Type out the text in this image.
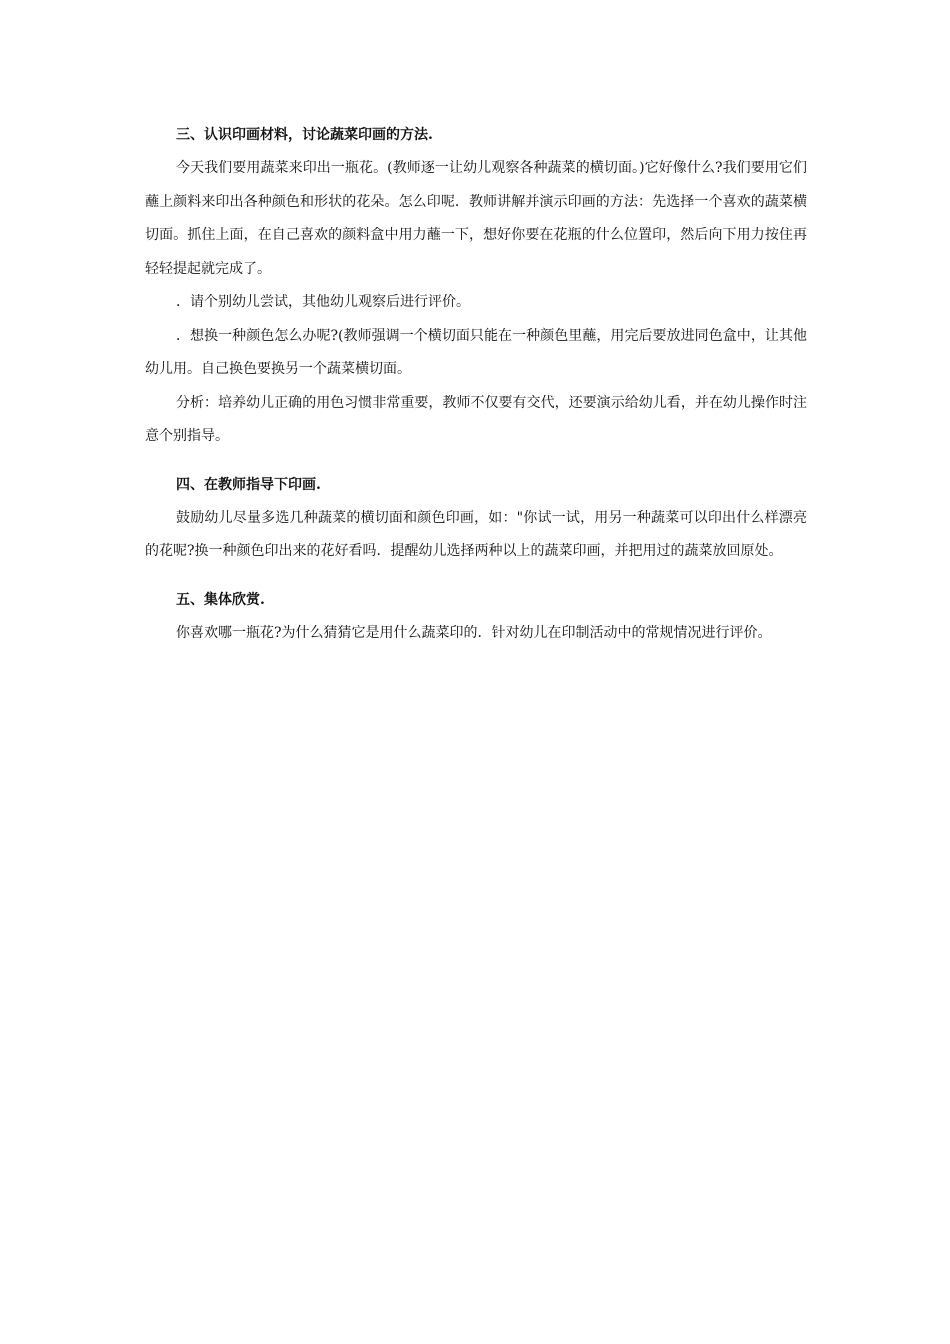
三、认识印画材料，讨论蔬菜印画的方法.

今天我们要用蔬菜来印出一瓶花。(教师逐一让幼儿观察各种蔬菜的横切面。)它好像什么?我们要用它们蘸上颜料来印出各种颜色和形状的花朵。怎么印呢．教师讲解并演示印画的方法：先选择一个喜欢的蔬菜横切面。抓住上面，在自己喜欢的颜料盒中用力蘸一下，想好你要在花瓶的什么位置印，然后向下用力按住再轻轻提起就完成了。

．请个别幼儿尝试，其他幼儿观察后进行评价。

．想换一种颜色怎么办呢?(教师强调一个横切面只能在一种颜色里蘸，用完后要放进同色盒中，让其他幼儿用。自己换色要换另一个蔬菜横切面。

分析：培养幼儿正确的用色习惯非常重要，教师不仅要有交代，还要演示给幼儿看，并在幼儿操作时注意个别指导。

四、在教师指导下印画.

鼓励幼儿尽量多选几种蔬菜的横切面和颜色印画，如："你试一试，用另一种蔬菜可以印出什么样漂亮的花呢?换一种颜色印出来的花好看吗．提醒幼儿选择两种以上的蔬菜印画，并把用过的蔬菜放回原处。

五、集体欣赏.

你喜欢哪一瓶花?为什么猜猜它是用什么蔬菜印的．针对幼儿在印制活动中的常规情况进行评价。
